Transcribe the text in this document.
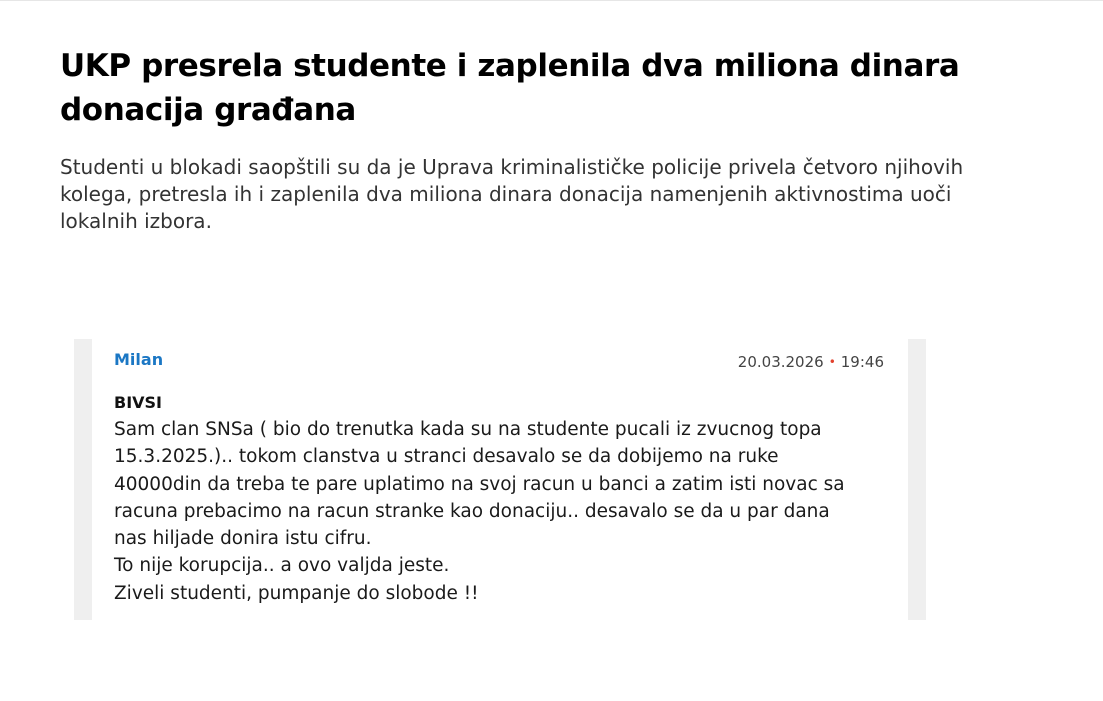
UKP presrela studente i zaplenila dva miliona dinara
donacija građana

Studenti u blokadi saopštili su da je Uprava kriminalističke policije privela četvoro njihovih
kolega, pretresla ih i zaplenila dva miliona dinara donacija namenjenih aktivnostima uoči
lokalnih izbora.

Milan	20.03.2026 • 19:46
BIVSI

Sam clan SNSa ( bio do trenutka kada su na studente pucali iz zvucnog topa

15.3.2025.).. tokom clanstva u stranci desavalo se da dobijemo na ruke

40000din da treba te pare uplatimo na svoj racun u banci a zatim isti novac sa

racuna prebacimo na racun stranke kao donaciju.. desavalo se da u par dana

nas hiljade donira istu cifru.

To nije korupcija.. a ovo valjda jeste.

Ziveli studenti, pumpanje do slobode !!
